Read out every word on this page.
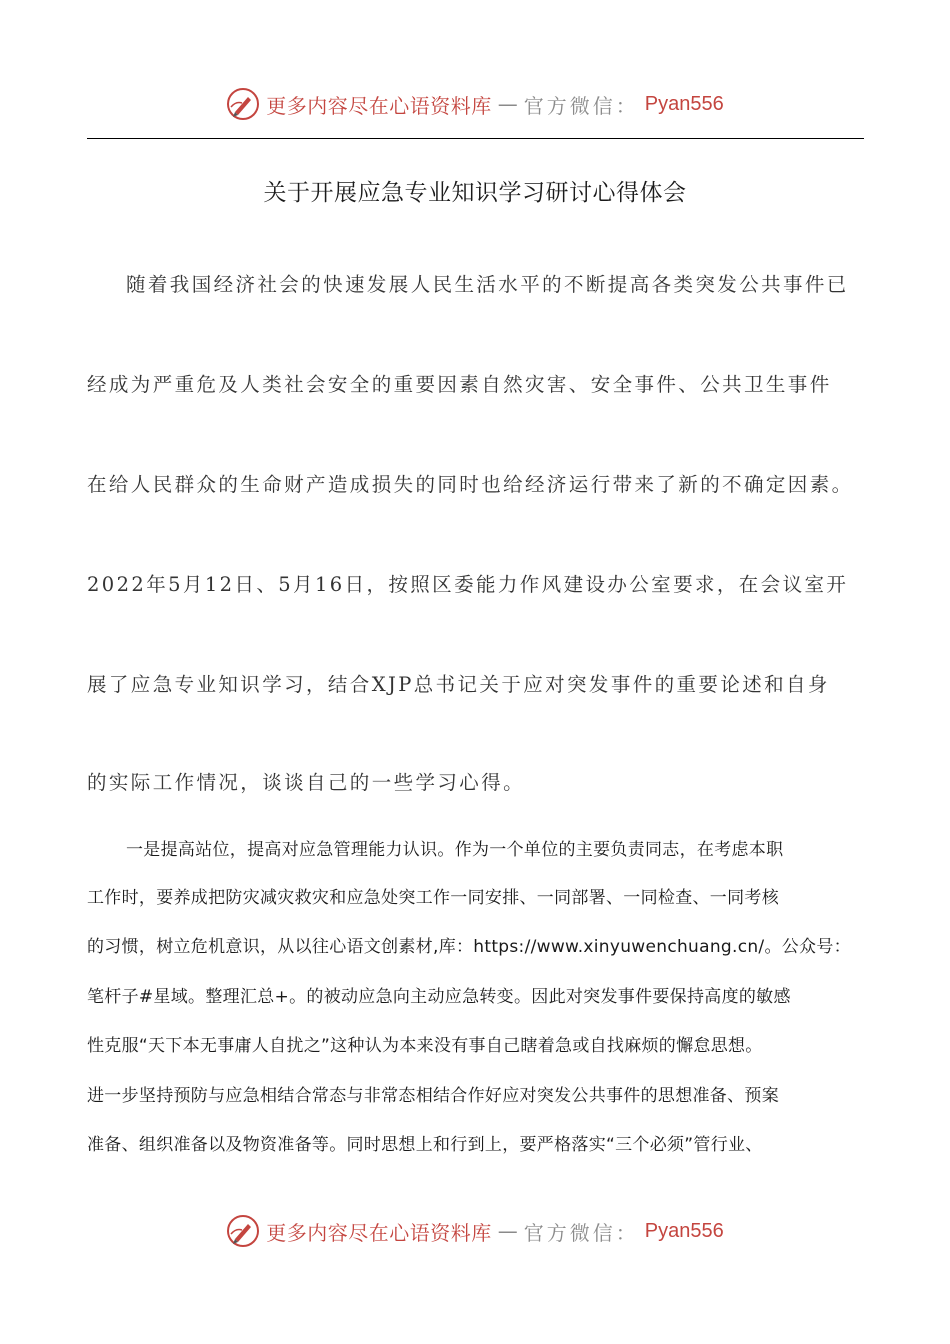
更多内容尽在心语资料库 — 官方微信： Pyan556
关于开展应急专业知识学习研讨心得体会
随着我国经济社会的快速发展人民生活水平的不断提高各类突发公共事件已
经成为严重危及人类社会安全的重要因素自然灾害、安全事件、公共卫生事件
在给人民群众的生命财产造成损失的同时也给经济运行带来了新的不确定因素。
2022年5月12日、5月16日，按照区委能力作风建设办公室要求，在会议室开
展了应急专业知识学习，结合XJP总书记关于应对突发事件的重要论述和自身
的实际工作情况，谈谈自己的一些学习心得。
一是提高站位，提高对应急管理能力认识。作为一个单位的主要负责同志，在考虑本职
工作时，要养成把防灾减灾救灾和应急处突工作一同安排、一同部署、一同检查、一同考核
的习惯，树立危机意识，从以往心语文创素材,库：https://www.xinyuwenchuang.cn/。公众号：
笔杆子#星域。整理汇总+。的被动应急向主动应急转变。因此对突发事件要保持高度的敏感
性克服“天下本无事庸人自扰之”这种认为本来没有事自己瞎着急或自找麻烦的懈怠思想。
进一步坚持预防与应急相结合常态与非常态相结合作好应对突发公共事件的思想准备、预案
准备、组织准备以及物资准备等。同时思想上和行到上，要严格落实“三个必须”管行业、
更多内容尽在心语资料库 — 官方微信： Pyan556
